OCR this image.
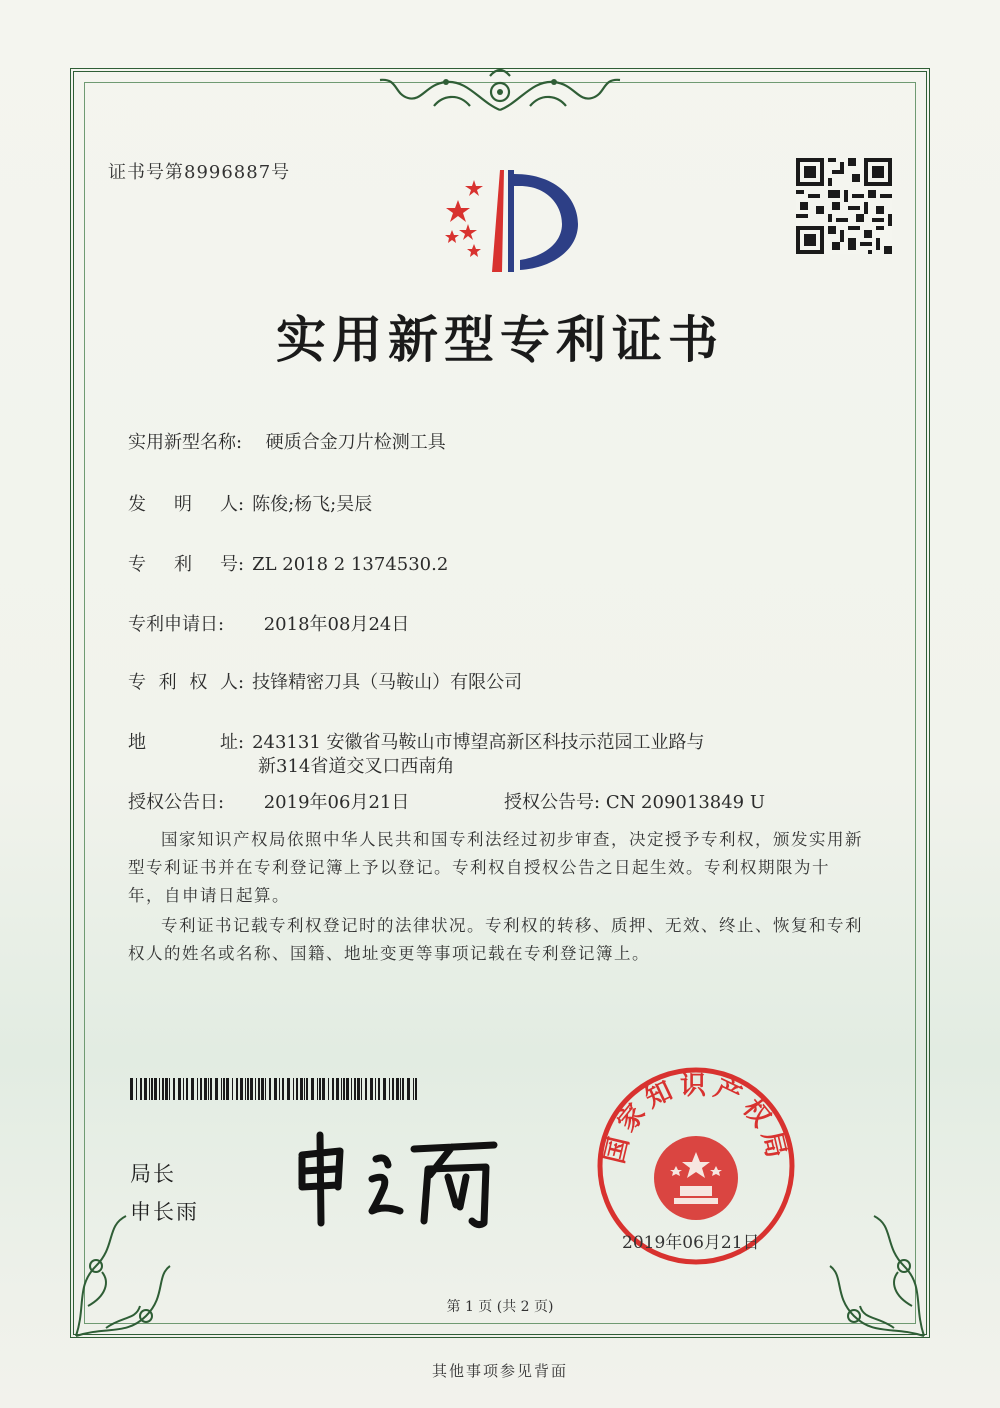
证书号第8996887号
实用新型专利证书
实用新型名称: 硬质合金刀片检测工具
发 明 人 : 陈俊;杨飞;吴辰
专 利 号 : ZL 2018 2 1374530.2
专利申请日: 2018年08月24日
专 利 权 人 : 技锋精密刀具（马鞍山）有限公司
地	址 : 243131 安徽省马鞍山市博望高新区科技示范园工业路与
新314省道交叉口西南角
授权公告日: 2019年06月21日	授权公告号: CN 209013849 U
国家知识产权局依照中华人民共和国专利法经过初步审查，决定授予专利权，颁发实用新型专利证书并在专利登记簿上予以登记。专利权自授权公告之日起生效。专利权期限为十年，自申请日起算。
专利证书记载专利权登记时的法律状况。专利权的转移、质押、无效、终止、恢复和专利权人的姓名或名称、国籍、地址变更等事项记载在专利登记簿上。
局长
申长雨
国家知识产权局
2019年06月21日
第 1 页 (共 2 页)
其他事项参见背面
